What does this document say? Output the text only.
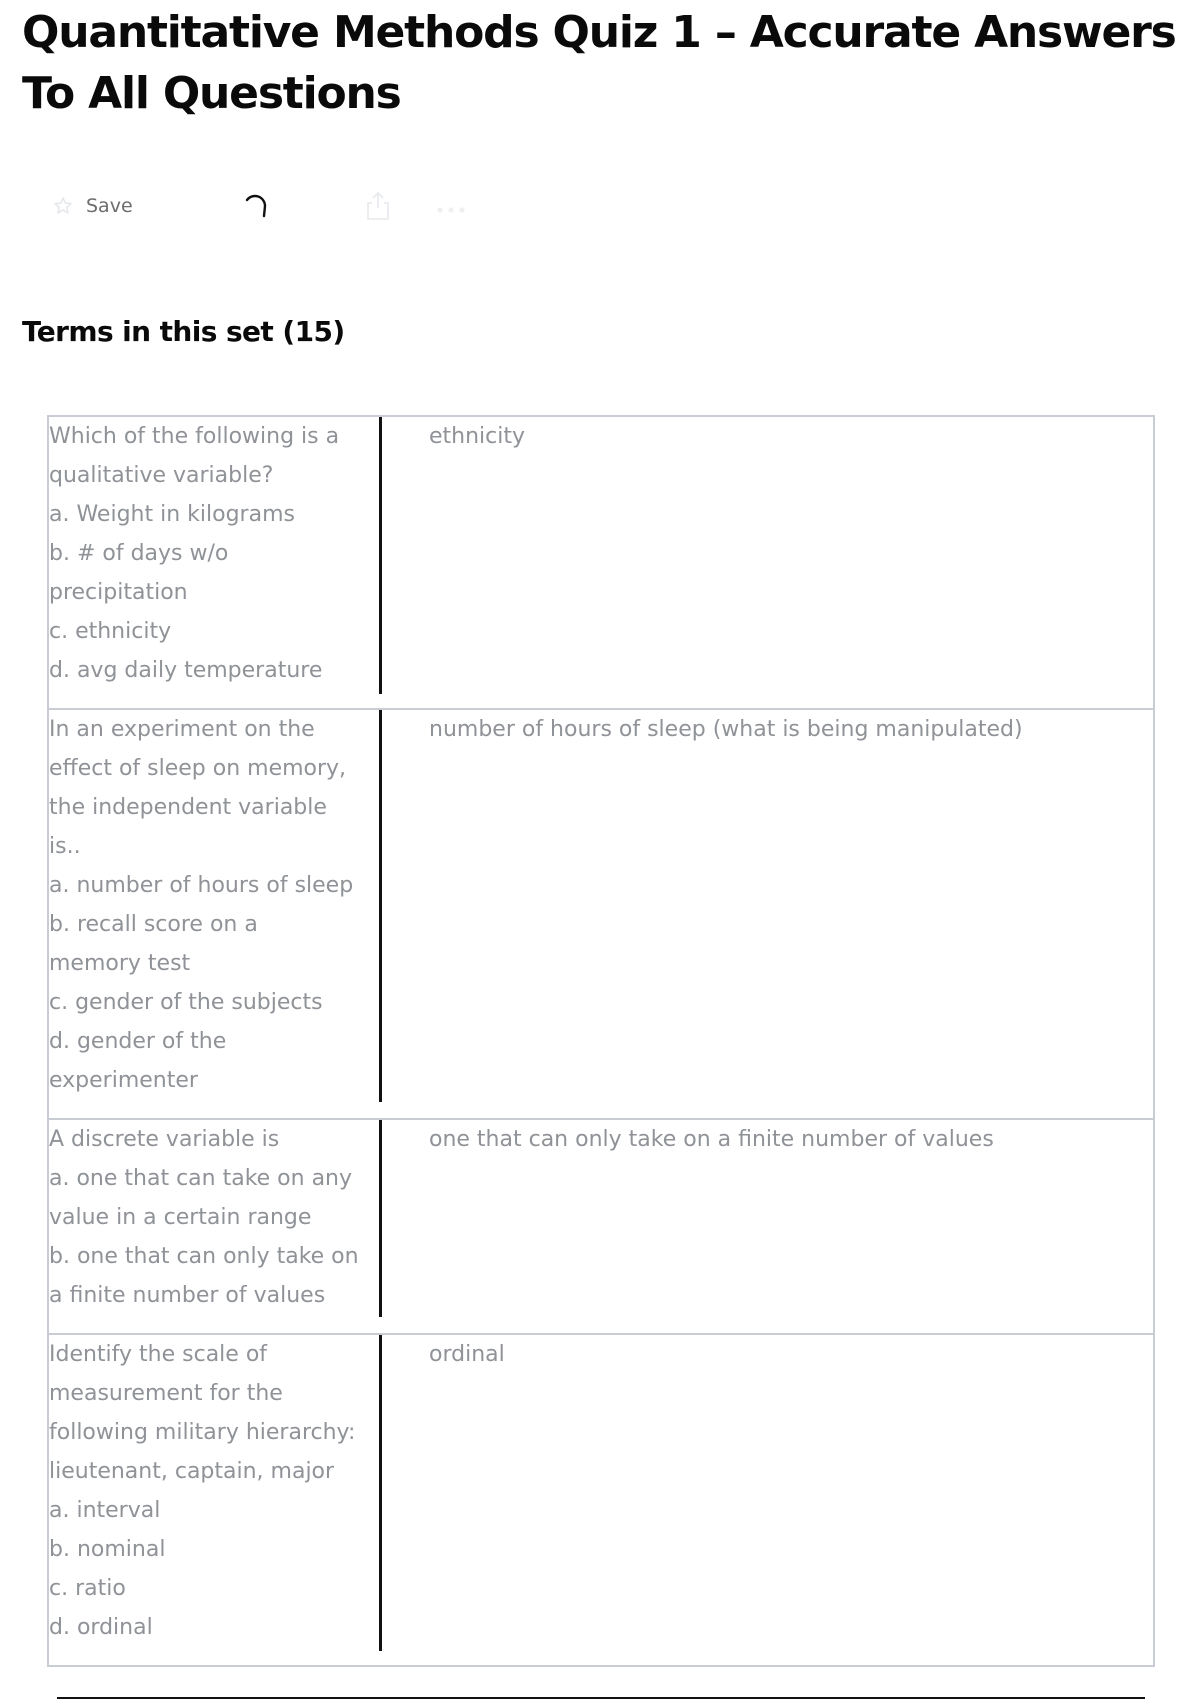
Quantitative Methods Quiz 1 – Accurate Answers To All Questions
Save
Terms in this set (15)
Which of the following is a
qualitative variable?
a. Weight in kilograms
b. # of days w/o
precipitation
c. ethnicity
d. avg daily temperature
ethnicity
In an experiment on the
effect of sleep on memory,
the independent variable
is..
a. number of hours of sleep
b. recall score on a
memory test
c. gender of the subjects
d. gender of the
experimenter
number of hours of sleep (what is being manipulated)
A discrete variable is
a. one that can take on any
value in a certain range
b. one that can only take on
a finite number of values
one that can only take on a finite number of values
Identify the scale of
measurement for the
following military hierarchy:
lieutenant, captain, major
a. interval
b. nominal
c. ratio
d. ordinal
ordinal
